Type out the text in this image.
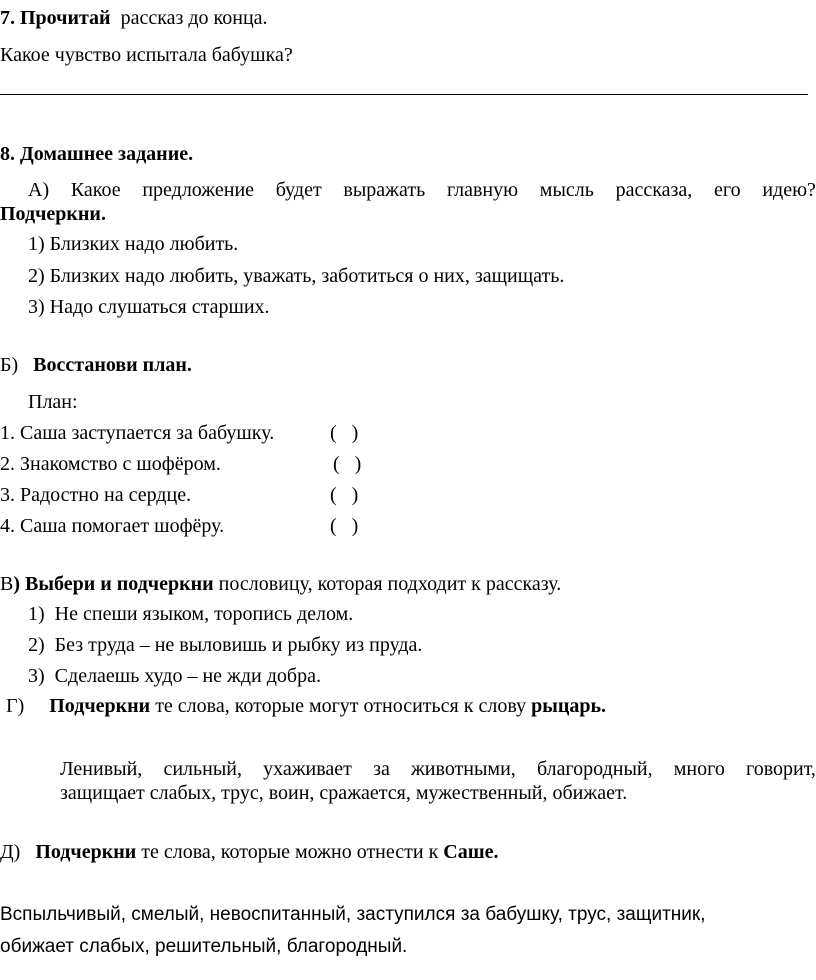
7. Прочитай рассказ до конца.
Какое чувство испытала бабушка?
8. Домашнее задание.
А) Какое предложение будет выражать главную мысль рассказа, его идею?
Подчеркни.
1) Близких надо любить.
2) Близких надо любить, уважать, заботиться о них, защищать.
3) Надо слушаться старших.
Б) Восстанови план.
План:
1. Саша заступается за бабушку.	(   )
2. Знакомство с шофёром.	(   )
3. Радостно на сердце.	(   )
4. Саша помогает шофёру.	(   )
В) Выбери и подчеркни пословицу, которая подходит к рассказу.
1) Не спеши языком, торопись делом.
2) Без труда – не выловишь и рыбку из пруда.
3) Сделаешь худо – не жди добра.
Г) Подчеркни те слова, которые могут относиться к слову рыцарь.
Ленивый, сильный, ухаживает за животными, благородный, много говорит,
защищает слабых, трус, воин, сражается, мужественный, обижает.
Д) Подчеркни те слова, которые можно отнести к Саше.
Вспыльчивый, смелый, невоспитанный, заступился за бабушку, трус, защитник,
обижает слабых, решительный, благородный.
